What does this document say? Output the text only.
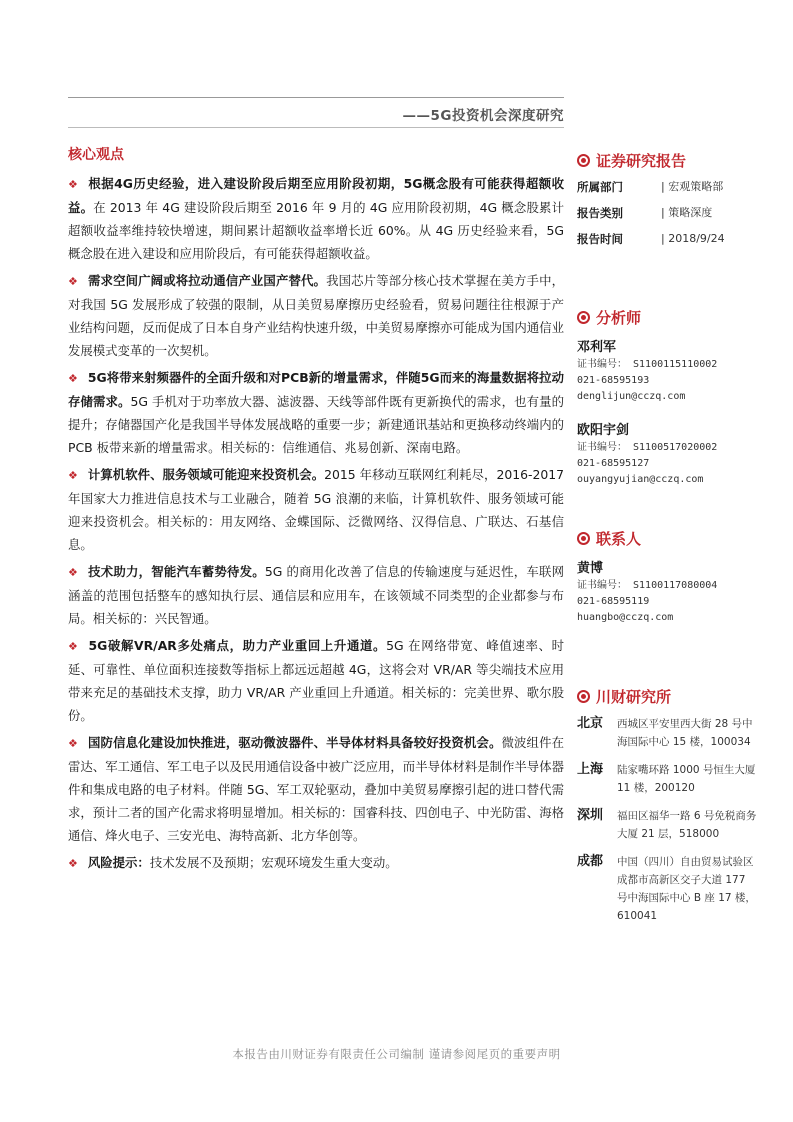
——5G投资机会深度研究
核心观点
❖ 根据4G历史经验，进入建设阶段后期至应用阶段初期，5G概念股有可能获得超额收益。在 2013 年 4G 建设阶段后期至 2016 年 9 月的 4G 应用阶段初期，4G 概念股累计超额收益率维持较快增速，期间累计超额收益率增长近 60%。从 4G 历史经验来看，5G 概念股在进入建设和应用阶段后，有可能获得超额收益。
❖ 需求空间广阔或将拉动通信产业国产替代。我国芯片等部分核心技术掌握在美方手中，对我国 5G 发展形成了较强的限制，从日美贸易摩擦历史经验看，贸易问题往往根源于产业结构问题，反而促成了日本自身产业结构快速升级，中美贸易摩擦亦可能成为国内通信业发展模式变革的一次契机。
❖ 5G将带来射频器件的全面升级和对PCB新的增量需求，伴随5G而来的海量数据将拉动存储需求。5G 手机对于功率放大器、滤波器、天线等部件既有更新换代的需求，也有量的提升；存储器国产化是我国半导体发展战略的重要一步；新建通讯基站和更换移动终端内的 PCB 板带来新的增量需求。相关标的：信维通信、兆易创新、深南电路。
❖ 计算机软件、服务领域可能迎来投资机会。2015 年移动互联网红利耗尽，2016-2017 年国家大力推进信息技术与工业融合，随着 5G 浪潮的来临，计算机软件、服务领域可能迎来投资机会。相关标的：用友网络、金蝶国际、泛微网络、汉得信息、广联达、石基信息。
❖ 技术助力，智能汽车蓄势待发。5G 的商用化改善了信息的传输速度与延迟性，车联网涵盖的范围包括整车的感知执行层、通信层和应用车，在该领域不同类型的企业都参与布局。相关标的：兴民智通。
❖ 5G破解VR/AR多处痛点，助力产业重回上升通道。5G 在网络带宽、峰值速率、时延、可靠性、单位面积连接数等指标上都远远超越 4G，这将会对 VR/AR 等尖端技术应用带来充足的基础技术支撑，助力 VR/AR 产业重回上升通道。相关标的：完美世界、歌尔股份。
❖ 国防信息化建设加快推进，驱动微波器件、半导体材料具备较好投资机会。微波组件在雷达、军工通信、军工电子以及民用通信设备中被广泛应用，而半导体材料是制作半导体器件和集成电路的电子材料。伴随 5G、军工双轮驱动，叠加中美贸易摩擦引起的进口替代需求，预计二者的国产化需求将明显增加。相关标的：国睿科技、四创电子、中光防雷、海格通信、烽火电子、三安光电、海特高新、北方华创等。
❖ 风险提示：技术发展不及预期；宏观环境发生重大变动。
证券研究报告
所属部门	| 宏观策略部
报告类别	| 策略深度
报告时间	| 2018/9/24
分析师
邓利军
证书编号： S1100115110002
021-68595193
denglijun@cczq.com
欧阳宇剑
证书编号： S1100517020002
021-68595127
ouyangyujian@cczq.com
联系人
黄博
证书编号： S1100117080004
021-68595119
huangbo@cczq.com
川财研究所
北京	西城区平安里西大街 28 号中海国际中心 15 楼，100034
上海	陆家嘴环路 1000 号恒生大厦 11 楼，200120
深圳	福田区福华一路 6 号免税商务大厦 21 层，518000
成都	中国（四川）自由贸易试验区成都市高新区交子大道 177 号中海国际中心 B 座 17 楼，610041
本报告由川财证券有限责任公司编制 谨请参阅尾页的重要声明
